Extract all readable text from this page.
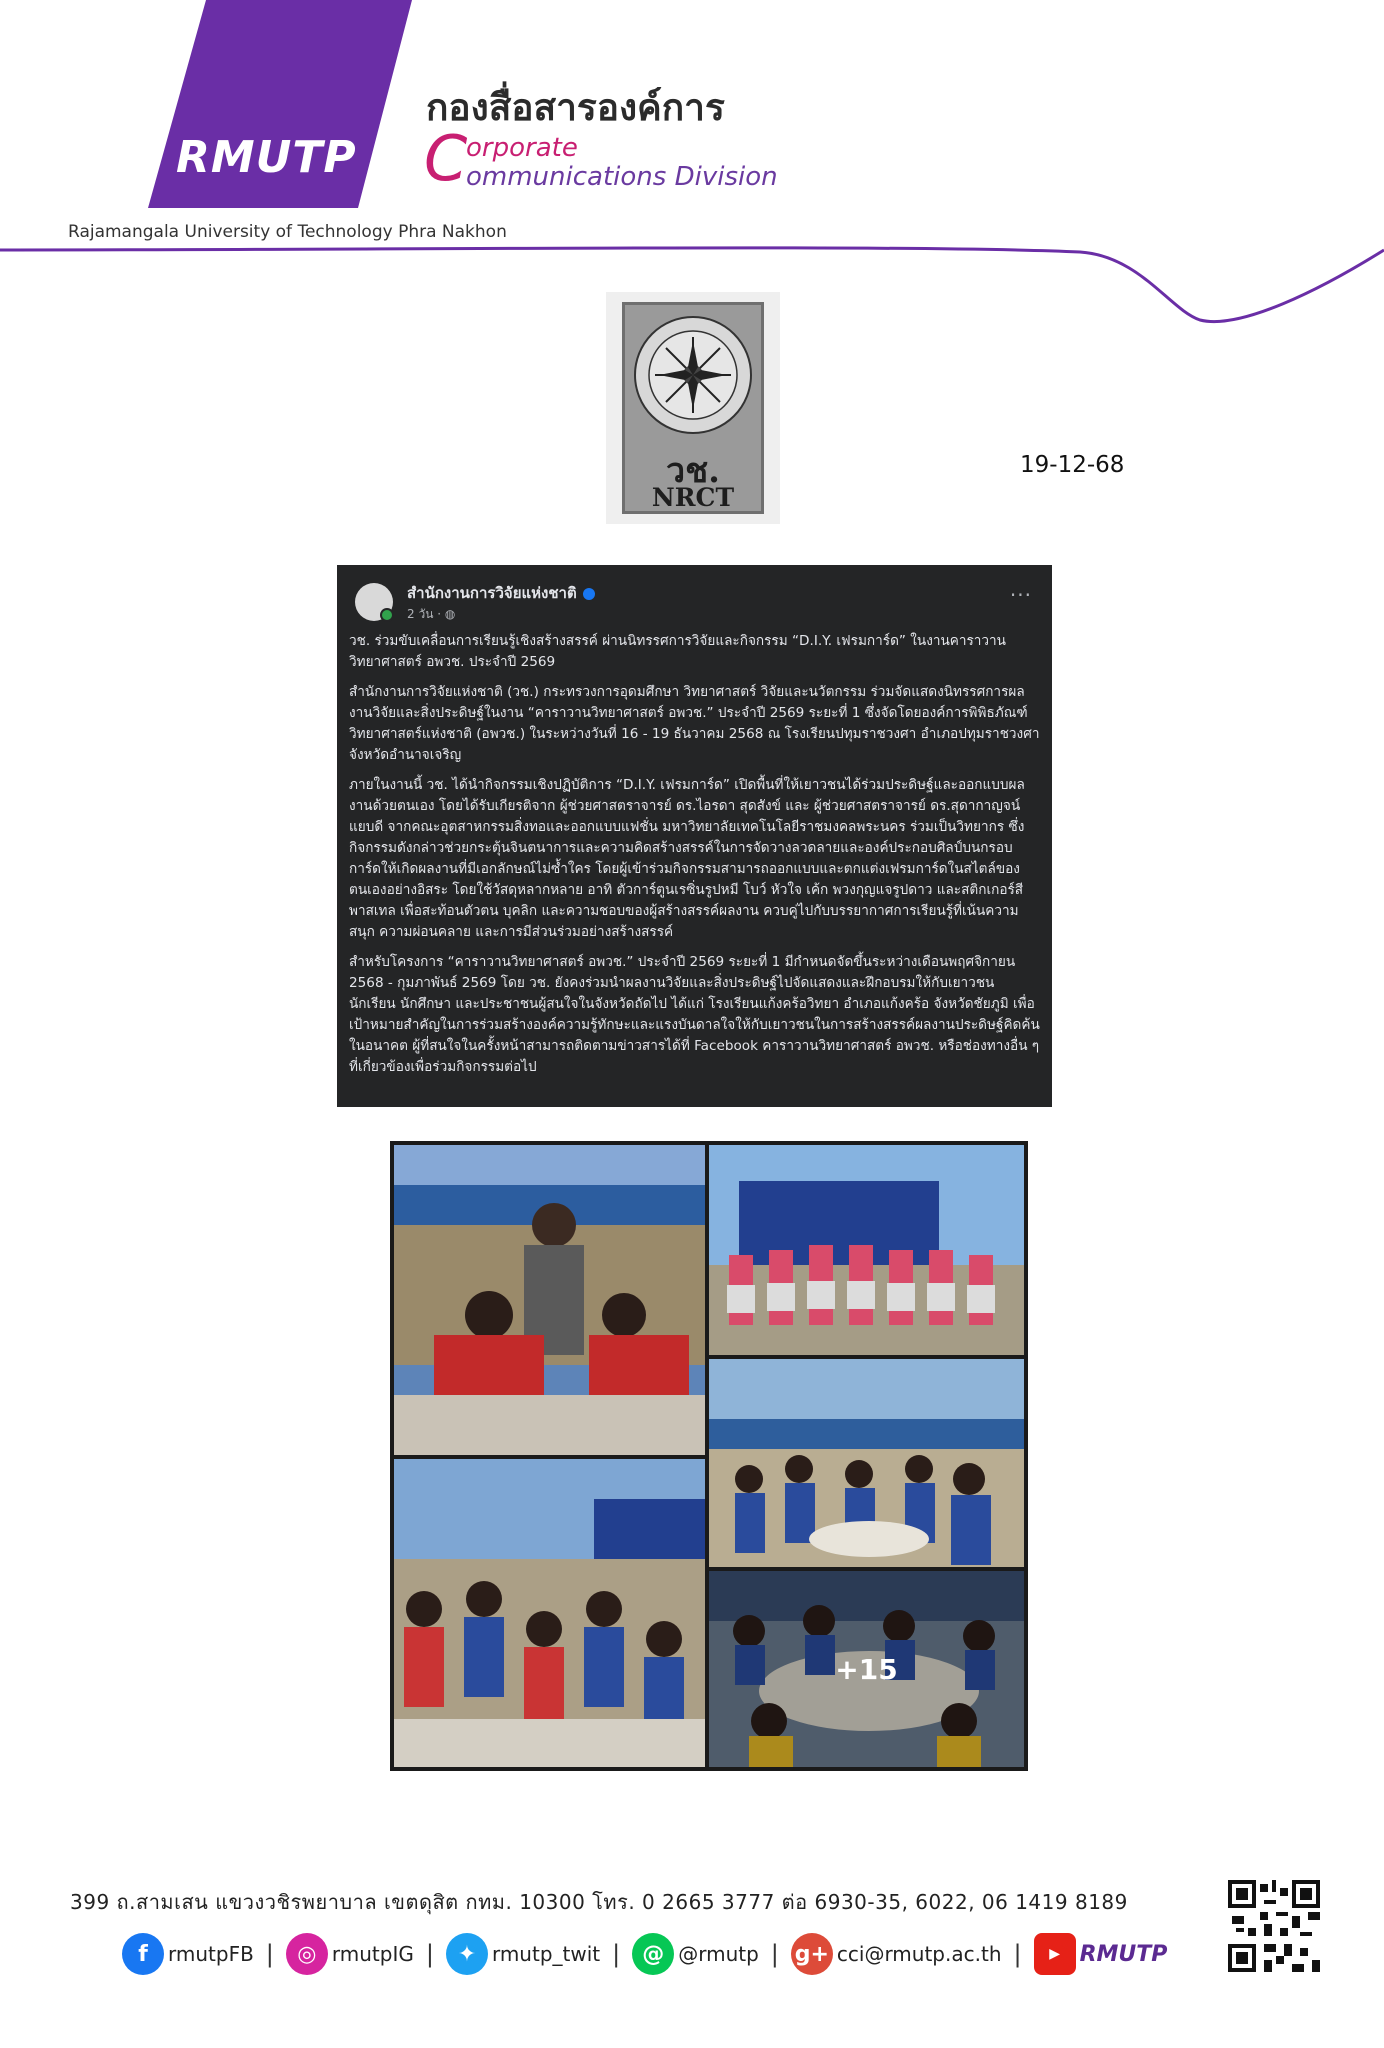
RMUTP
กองสื่อสารองค์การ
C
orporate
ommunications Division
Rajamangala University of Technology Phra Nakhon
วช.
NRCT
19-12-68
สำนักงานการวิจัยแห่งชาติ
2 วัน · ◍
···

วช. ร่วมขับเคลื่อนการเรียนรู้เชิงสร้างสรรค์ ผ่านนิทรรศการวิจัยและกิจกรรม “D.I.Y. เฟรมการ์ด” ในงานคาราวาน วิทยาศาสตร์ อพวช. ประจำปี 2569

สำนักงานการวิจัยแห่งชาติ (วช.) กระทรวงการอุดมศึกษา วิทยาศาสตร์ วิจัยและนวัตกรรม ร่วมจัดแสดงนิทรรศการผลงานวิจัยและสิ่งประดิษฐ์ในงาน “คาราวานวิทยาศาสตร์ อพวช.” ประจำปี 2569 ระยะที่ 1 ซึ่งจัดโดยองค์การพิพิธภัณฑ์วิทยาศาสตร์แห่งชาติ (อพวช.) ในระหว่างวันที่ 16 - 19 ธันวาคม 2568 ณ โรงเรียนปทุมราชวงศา อำเภอปทุมราชวงศา จังหวัดอำนาจเจริญ

ภายในงานนี้ วช. ได้นำกิจกรรมเชิงปฏิบัติการ “D.I.Y. เฟรมการ์ด” เปิดพื้นที่ให้เยาวชนได้ร่วมประดิษฐ์และออกแบบผลงานด้วยตนเอง โดยได้รับเกียรติจาก ผู้ช่วยศาสตราจารย์ ดร.ไอรดา สุดสังข์ และ ผู้ช่วยศาสตราจารย์ ดร.สุดากาญจน์ แยบดี จากคณะอุตสาหกรรมสิ่งทอและออกแบบแฟชั่น มหาวิทยาลัยเทคโนโลยีราชมงคลพระนคร ร่วมเป็นวิทยากร ซึ่งกิจกรรมดังกล่าวช่วยกระตุ้นจินตนาการและความคิดสร้างสรรค์ในการจัดวางลวดลายและองค์ประกอบศิลป์บนกรอบการ์ดให้เกิดผลงานที่มีเอกลักษณ์ไม่ซ้ำใคร โดยผู้เข้าร่วมกิจกรรมสามารถออกแบบและตกแต่งเฟรมการ์ดในสไตล์ของตนเองอย่างอิสระ โดยใช้วัสดุหลากหลาย อาทิ ตัวการ์ตูนเรซิ่นรูปหมี โบว์ หัวใจ เค้ก พวงกุญแจรูปดาว และสติกเกอร์สีพาสเทล เพื่อสะท้อนตัวตน บุคลิก และความชอบของผู้สร้างสรรค์ผลงาน ควบคู่ไปกับบรรยากาศการเรียนรู้ที่เน้นความสนุก ความผ่อนคลาย และการมีส่วนร่วมอย่างสร้างสรรค์

สำหรับโครงการ “คาราวานวิทยาศาสตร์ อพวช.” ประจำปี 2569 ระยะที่ 1 มีกำหนดจัดขึ้นระหว่างเดือนพฤศจิกายน 2568 - กุมภาพันธ์ 2569 โดย วช. ยังคงร่วมนำผลงานวิจัยและสิ่งประดิษฐ์ไปจัดแสดงและฝึกอบรมให้กับเยาวชน นักเรียน นักศึกษา และประชาชนผู้สนใจในจังหวัดถัดไป ได้แก่ โรงเรียนแก้งคร้อวิทยา อำเภอแก้งคร้อ จังหวัดชัยภูมิ เพื่อเป้าหมายสำคัญในการร่วมสร้างองค์ความรู้ทักษะและแรงบันดาลใจให้กับเยาวชนในการสร้างสรรค์ผลงานประดิษฐ์คิดค้นในอนาคต ผู้ที่สนใจในครั้งหน้าสามารถติดตามข่าวสารได้ที่ Facebook คาราวานวิทยาศาสตร์ อพวช. หรือช่องทางอื่น ๆ ที่เกี่ยวข้องเพื่อร่วมกิจกรรมต่อไป

+15
399 ถ.สามเสน แขวงวชิรพยาบาล เขตดุสิต กทม. 10300 โทร. 0 2665 3777 ต่อ 6930-35, 6022, 06 1419 8189
f	rmutpFB |	◎ rmutpIG |	✦ rmutp_twit |	@ @rmutp | g+ cci@rmutp.ac.th |	▶ RMUTP
